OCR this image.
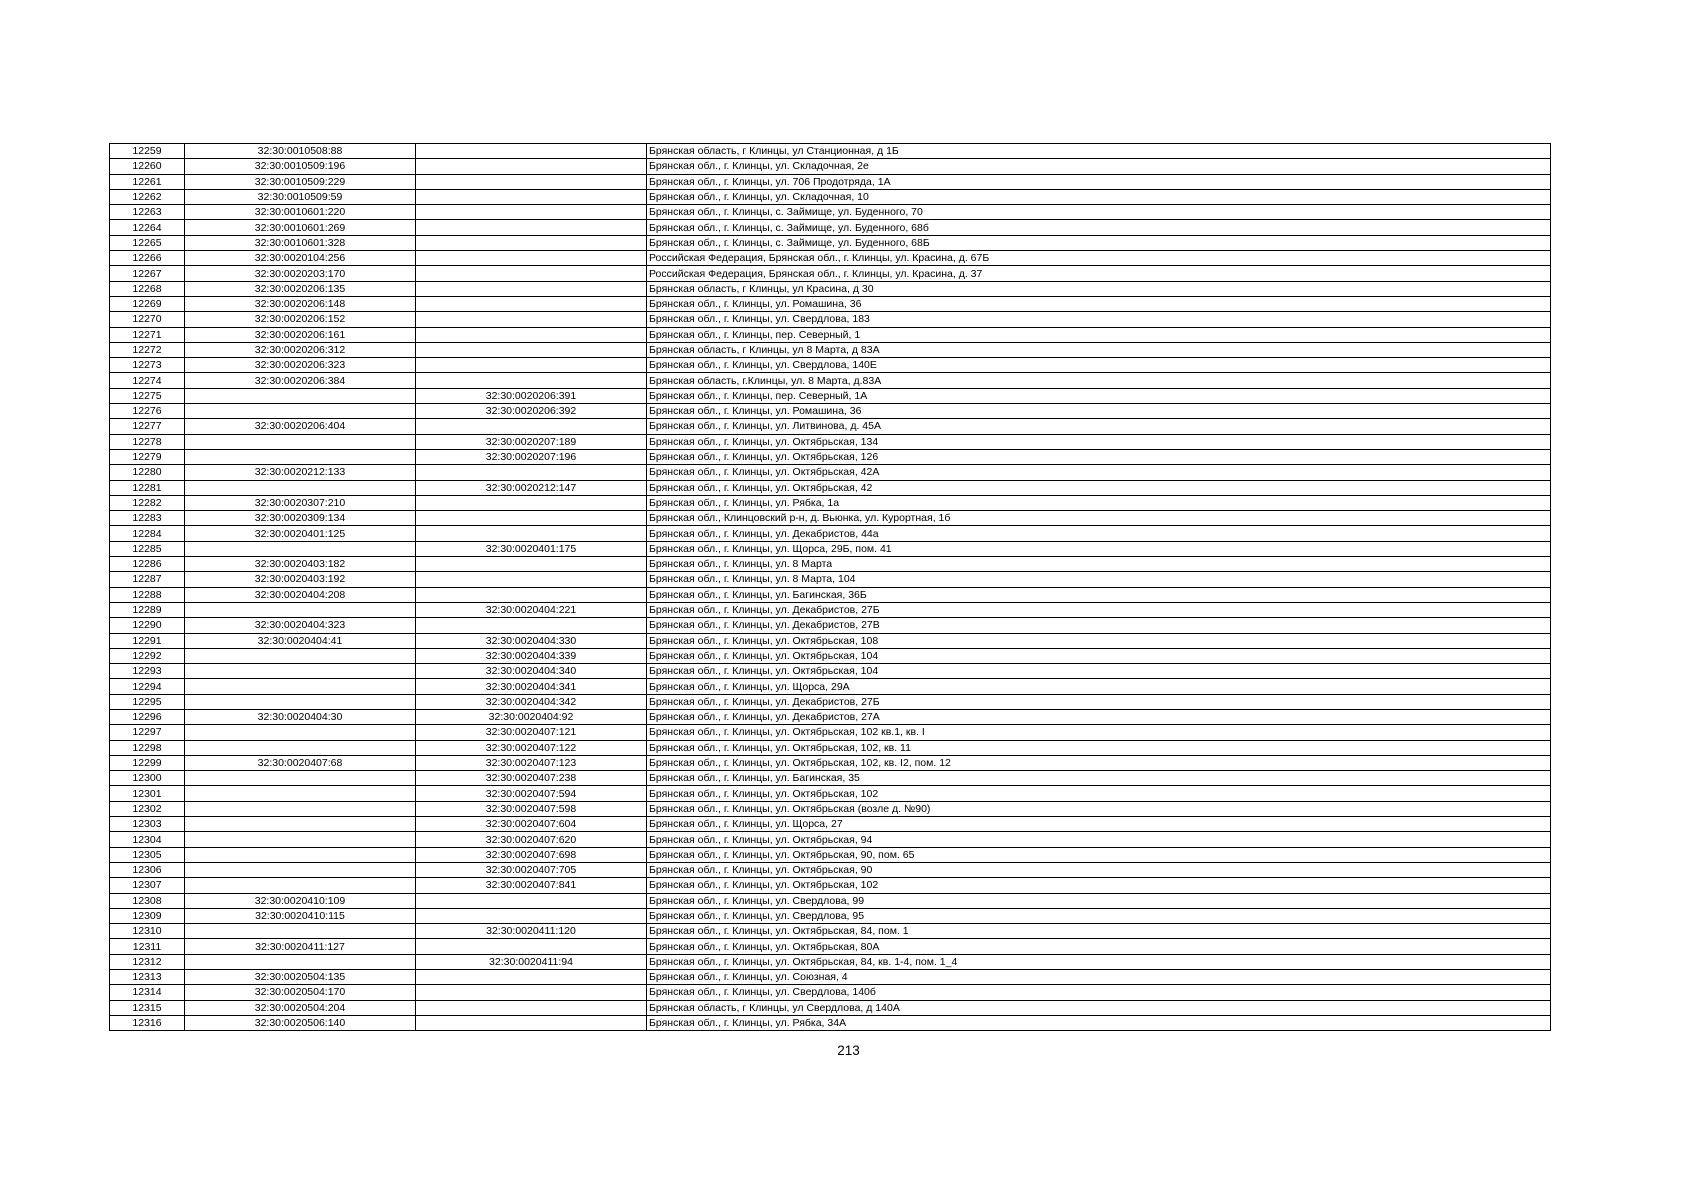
12259	32:30:0010508:88		Брянская область, г Клинцы, ул Станционная, д 1Б
12260	32:30:0010509:196		Брянская обл., г. Клинцы, ул. Складочная, 2е
12261	32:30:0010509:229		Брянская обл., г. Клинцы, ул. 706 Продотряда, 1А
12262	32:30:0010509:59		Брянская обл., г. Клинцы, ул. Складочная, 10
12263	32:30:0010601:220		Брянская обл., г. Клинцы, с. Займище, ул. Буденного, 70
12264	32:30:0010601:269		Брянская обл., г. Клинцы, с. Займище, ул. Буденного, 68б
12265	32:30:0010601:328		Брянская обл., г. Клинцы, с. Займище, ул. Буденного, 68Б
12266	32:30:0020104:256		Российская Федерация, Брянская обл., г. Клинцы, ул. Красина, д. 67Б
12267	32:30:0020203:170		Российская Федерация, Брянская обл., г. Клинцы, ул. Красина, д. 37
12268	32:30:0020206:135		Брянская область, г Клинцы, ул Красина, д 30
12269	32:30:0020206:148		Брянская обл., г. Клинцы, ул. Ромашина, 36
12270	32:30:0020206:152		Брянская обл., г. Клинцы, ул. Свердлова, 183
12271	32:30:0020206:161		Брянская обл., г. Клинцы, пер. Северный, 1
12272	32:30:0020206:312		Брянская область, г Клинцы, ул 8 Марта, д 83А
12273	32:30:0020206:323		Брянская обл., г. Клинцы, ул. Свердлова, 140Е
12274	32:30:0020206:384		Брянская область, г.Клинцы, ул. 8 Марта, д.83А
12275		32:30:0020206:391	Брянская обл., г. Клинцы, пер. Северный, 1А
12276		32:30:0020206:392	Брянская обл., г. Клинцы, ул. Ромашина, 36
12277	32:30:0020206:404		Брянская обл., г. Клинцы, ул. Литвинова, д. 45А
12278		32:30:0020207:189	Брянская обл., г. Клинцы, ул. Октябрьская, 134
12279		32:30:0020207:196	Брянская обл., г. Клинцы, ул. Октябрьская, 126
12280	32:30:0020212:133		Брянская обл., г. Клинцы, ул. Октябрьская, 42А
12281		32:30:0020212:147	Брянская обл., г. Клинцы, ул. Октябрьская, 42
12282	32:30:0020307:210		Брянская обл., г. Клинцы, ул. Рябка, 1а
12283	32:30:0020309:134		Брянская обл., Клинцовский р-н, д. Вьюнка, ул. Курортная, 1б
12284	32:30:0020401:125		Брянская обл., г. Клинцы, ул. Декабристов, 44а
12285		32:30:0020401:175	Брянская обл., г. Клинцы, ул. Щорса, 29Б, пом. 41
12286	32:30:0020403:182		Брянская обл., г. Клинцы, ул. 8 Марта
12287	32:30:0020403:192		Брянская обл., г. Клинцы, ул. 8 Марта, 104
12288	32:30:0020404:208		Брянская обл., г. Клинцы, ул. Багинская, 36Б
12289		32:30:0020404:221	Брянская обл., г. Клинцы, ул. Декабристов, 27Б
12290	32:30:0020404:323		Брянская обл., г. Клинцы, ул. Декабристов, 27В
12291	32:30:0020404:41	32:30:0020404:330	Брянская обл., г. Клинцы, ул. Октябрьская, 108
12292		32:30:0020404:339	Брянская обл., г. Клинцы, ул. Октябрьская, 104
12293		32:30:0020404:340	Брянская обл., г. Клинцы, ул. Октябрьская, 104
12294		32:30:0020404:341	Брянская обл., г. Клинцы, ул. Щорса, 29А
12295		32:30:0020404:342	Брянская обл., г. Клинцы, ул. Декабристов, 27Б
12296	32:30:0020404:30	32:30:0020404:92	Брянская обл., г. Клинцы, ул. Декабристов, 27А
12297		32:30:0020407:121	Брянская обл., г. Клинцы, ул. Октябрьская, 102 кв.1, кв. I
12298		32:30:0020407:122	Брянская обл., г. Клинцы, ул. Октябрьская, 102, кв. 11
12299	32:30:0020407:68	32:30:0020407:123	Брянская обл., г. Клинцы, ул. Октябрьская, 102, кв. I2, пом. 12
12300		32:30:0020407:238	Брянская обл., г. Клинцы, ул. Багинская, 35
12301		32:30:0020407:594	Брянская обл., г. Клинцы, ул. Октябрьская, 102
12302		32:30:0020407:598	Брянская обл., г. Клинцы, ул. Октябрьская (возле д. №90)
12303		32:30:0020407:604	Брянская обл., г. Клинцы, ул. Щорса, 27
12304		32:30:0020407:620	Брянская обл., г. Клинцы, ул. Октябрьская, 94
12305		32:30:0020407:698	Брянская обл., г. Клинцы, ул. Октябрьская, 90, пом. 65
12306		32:30:0020407:705	Брянская обл., г. Клинцы, ул. Октябрьская, 90
12307		32:30:0020407:841	Брянская обл., г. Клинцы, ул. Октябрьская, 102
12308	32:30:0020410:109		Брянская обл., г. Клинцы, ул. Свердлова, 99
12309	32:30:0020410:115		Брянская обл., г. Клинцы, ул. Свердлова, 95
12310		32:30:0020411:120	Брянская обл., г. Клинцы, ул. Октябрьская, 84, пом. 1
12311	32:30:0020411:127		Брянская обл., г. Клинцы, ул. Октябрьская, 80А
12312		32:30:0020411:94	Брянская обл., г. Клинцы, ул. Октябрьская, 84, кв. 1-4, пом. 1_4
12313	32:30:0020504:135		Брянская обл., г. Клинцы, ул. Союзная, 4
12314	32:30:0020504:170		Брянская обл., г. Клинцы, ул. Свердлова, 140б
12315	32:30:0020504:204		Брянская область, г Клинцы, ул Свердлова, д 140А
12316	32:30:0020506:140		Брянская обл., г. Клинцы, ул. Рябка, 34А
213
